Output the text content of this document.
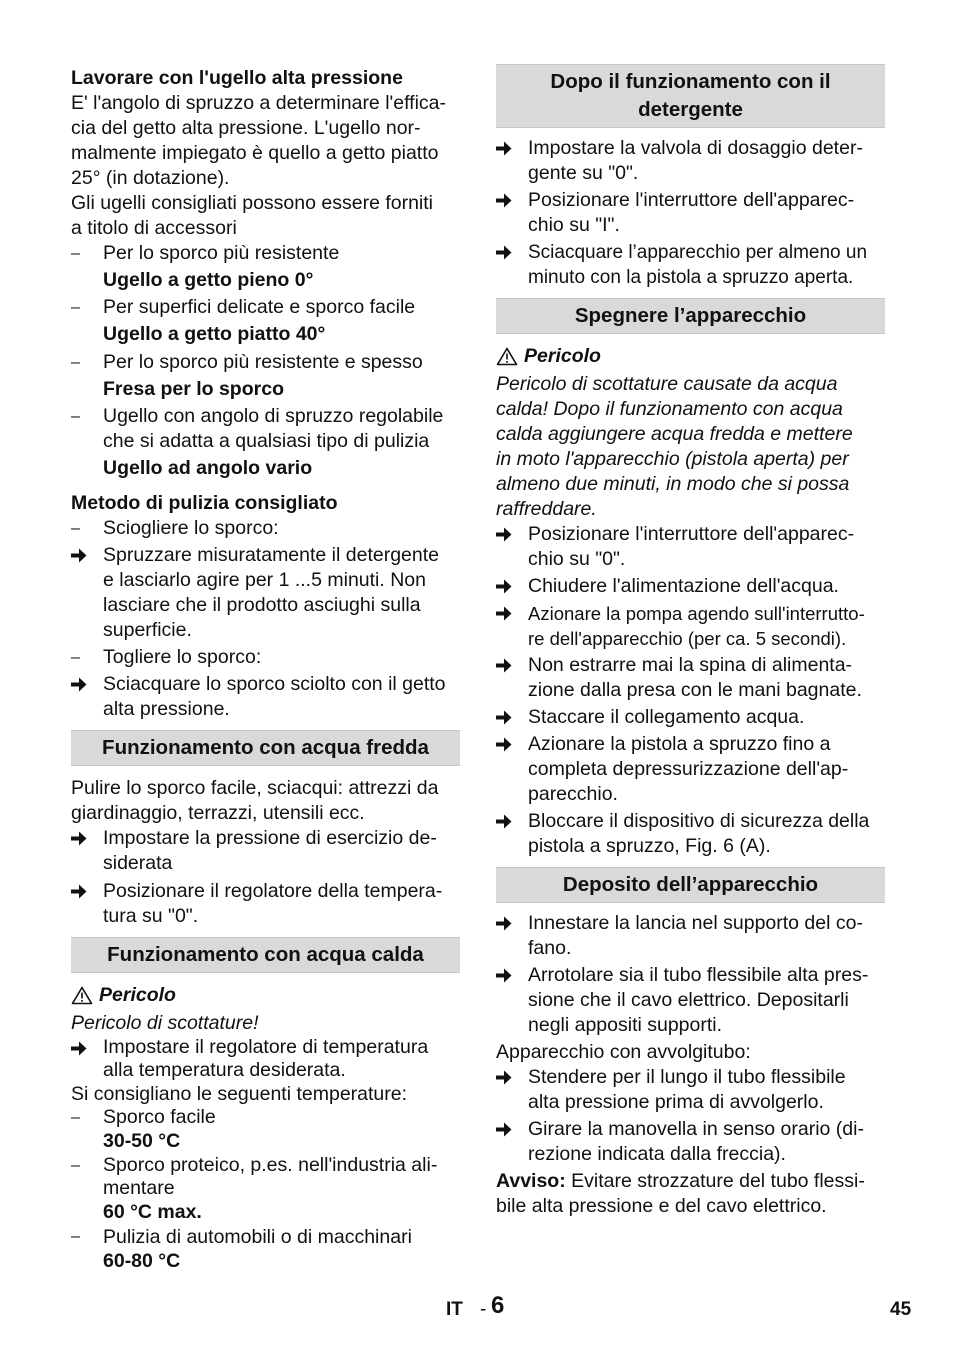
Lavorare con l'ugello alta pressione

E' l'angolo di spruzzo a determinare l'effica-
cia del getto alta pressione. L'ugello nor-
malmente impiegato è quello a getto piatto
25° (in dotazione).

Gli ugelli consigliati possono essere forniti
a titolo di accessori

–	Per lo sporco più resistente

Ugello a getto pieno 0°

–	Per superfici delicate e sporco facile

Ugello a getto piatto 40°

–	Per lo sporco più resistente e spesso

Fresa per lo sporco

–	Ugello con angolo di spruzzo regolabile
che si adatta a qualsiasi tipo di pulizia

Ugello ad angolo vario

Metodo di pulizia consigliato

–	Sciogliere lo sporco:
Spruzzare misuratamente il detergente
e lasciarlo agire per 1 ...5 minuti. Non
lasciare che il prodotto asciughi sulla
superficie.
–	Togliere lo sporco:
Sciacquare lo sporco sciolto con il getto
alta pressione.
Funzionamento con acqua fredda

Pulire lo sporco facile, sciacqui: attrezzi da
giardinaggio, terrazzi, utensili ecc.

Impostare la pressione di esercizio de-
siderata
Posizionare il regolatore della tempera-
tura su "0".
Funzionamento con acqua calda
Pericolo

Pericolo di scottature!

Impostare il regolatore di temperatura
alla temperatura desiderata.

Si consigliano le seguenti temperature:

–	Sporco facile

30-50 °C

–	Sporco proteico, p.es. nell'industria ali-
mentare

60 °C max.

–	Pulizia di automobili o di macchinari

60-80 °C

Dopo il funzionamento con il
detergente
Impostare la valvola di dosaggio deter-
gente su "0".
Posizionare l'interruttore dell'apparec-
chio su "I".
Sciacquare l’apparecchio per almeno un
minuto con la pistola a spruzzo aperta.
Spegnere l’apparecchio
Pericolo

Pericolo di scottature causate da acqua
calda! Dopo il funzionamento con acqua
calda aggiungere acqua fredda e mettere
in moto l'apparecchio (pistola aperta) per
almeno due minuti, in modo che si possa
raffreddare.

Posizionare l'interruttore dell'apparec-
chio su "0".
Chiudere l'alimentazione dell'acqua.
Azionare la pompa agendo sull'interrutto-
re dell'apparecchio (per ca. 5 secondi).
Non estrarre mai la spina di alimenta-
zione dalla presa con le mani bagnate.
Staccare il collegamento acqua.
Azionare la pistola a spruzzo fino a
completa depressurizzazione dell'ap-
parecchio.
Bloccare il dispositivo di sicurezza della
pistola a spruzzo, Fig. 6 (A).
Deposito dell’apparecchio
Innestare la lancia nel supporto del co-
fano.
Arrotolare sia il tubo flessibile alta pres-
sione che il cavo elettrico. Depositarli
negli appositi supporti.

Apparecchio con avvolgitubo:

Stendere per il lungo il tubo flessibile
alta pressione prima di avvolgerlo.
Girare la manovella in senso orario (di-
rezione indicata dalla freccia).

Avviso: Evitare strozzature del tubo flessi-
bile alta pressione e del cavo elettrico.

IT - 6	45
